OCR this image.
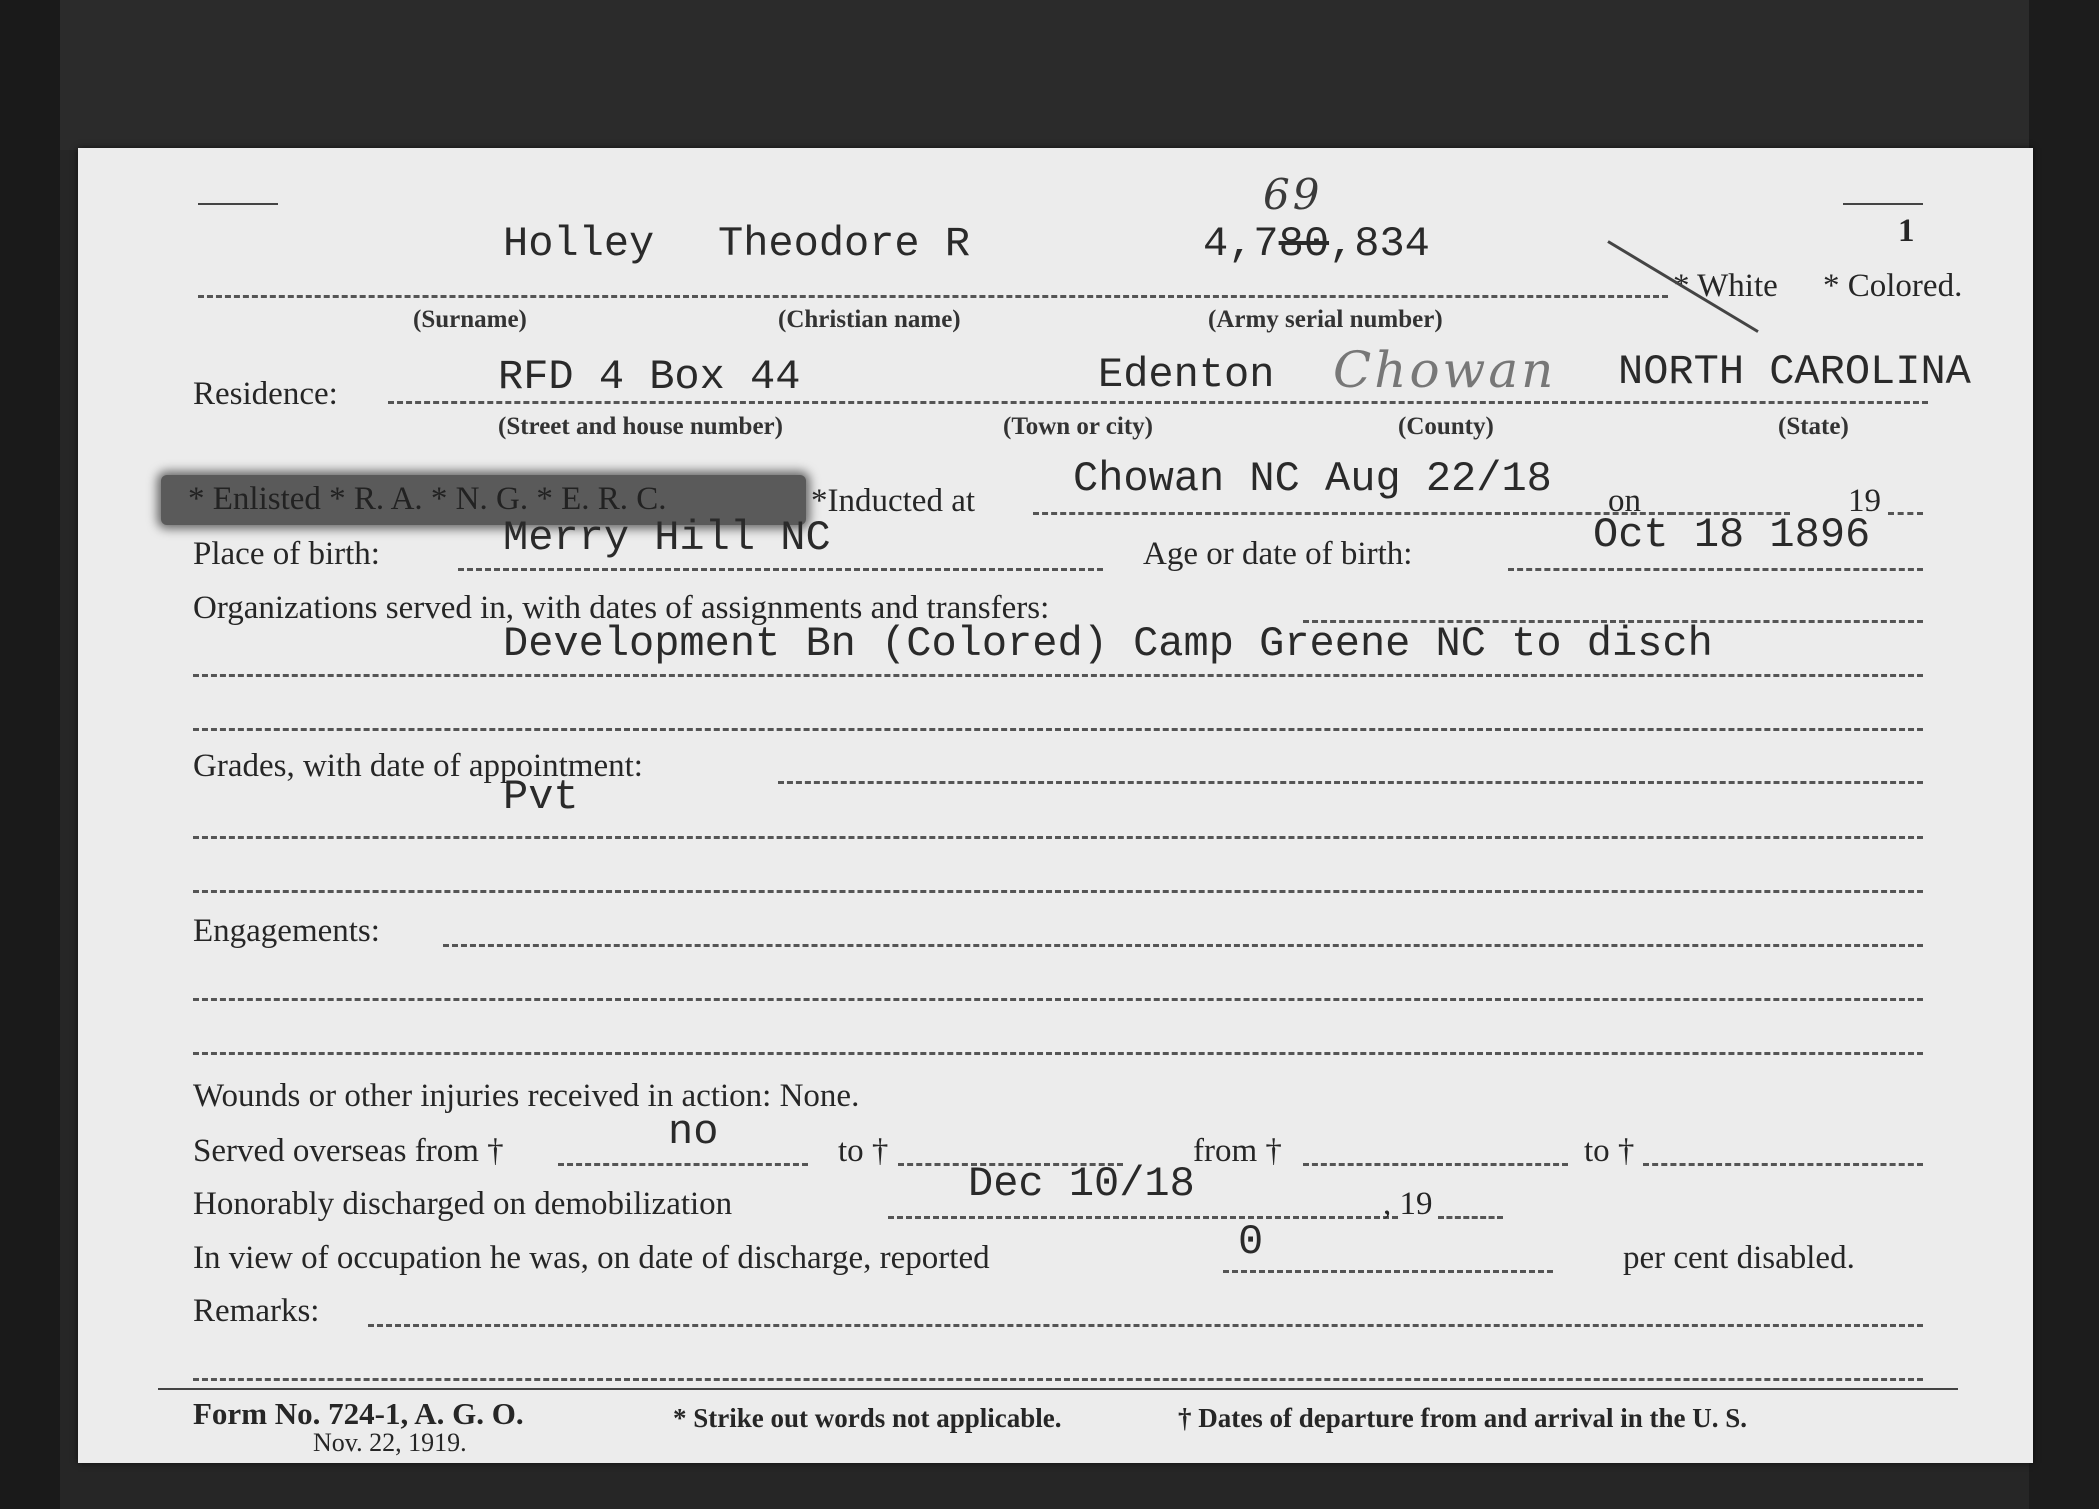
Holley Theodore R
69
4,780,834	1
* White * Colored.
(Surname)	(Christian name)	(Army serial number)
Residence:	RFD 4 Box 44	Edenton Chowan NORTH CAROLINA
(Street and house number)	(Town or city)	(County)	(State)
* Enlisted * R. A. * N. G. * E. R. C.	*Inducted at Chowan NC Aug 22/18 on	19
Place of birth:	Merry Hill NC	Age or date of birth:	Oct 18 1896
Organizations served in, with dates of assignments and transfers:
Development Bn (Colored) Camp Greene NC to disch
Grades, with date of appointment:
Pvt
Engagements:
Wounds or other injuries received in action: None.
Served overseas from †	no	to †	from †	to †
Honorably discharged on demobilization	Dec 10/18	, 19
In view of occupation he was, on date of discharge, reported	0	per cent disabled.
Remarks:
Form No. 724-1, A. G. O.
Nov. 22, 1919.
* Strike out words not applicable.	† Dates of departure from and arrival in the U. S.
